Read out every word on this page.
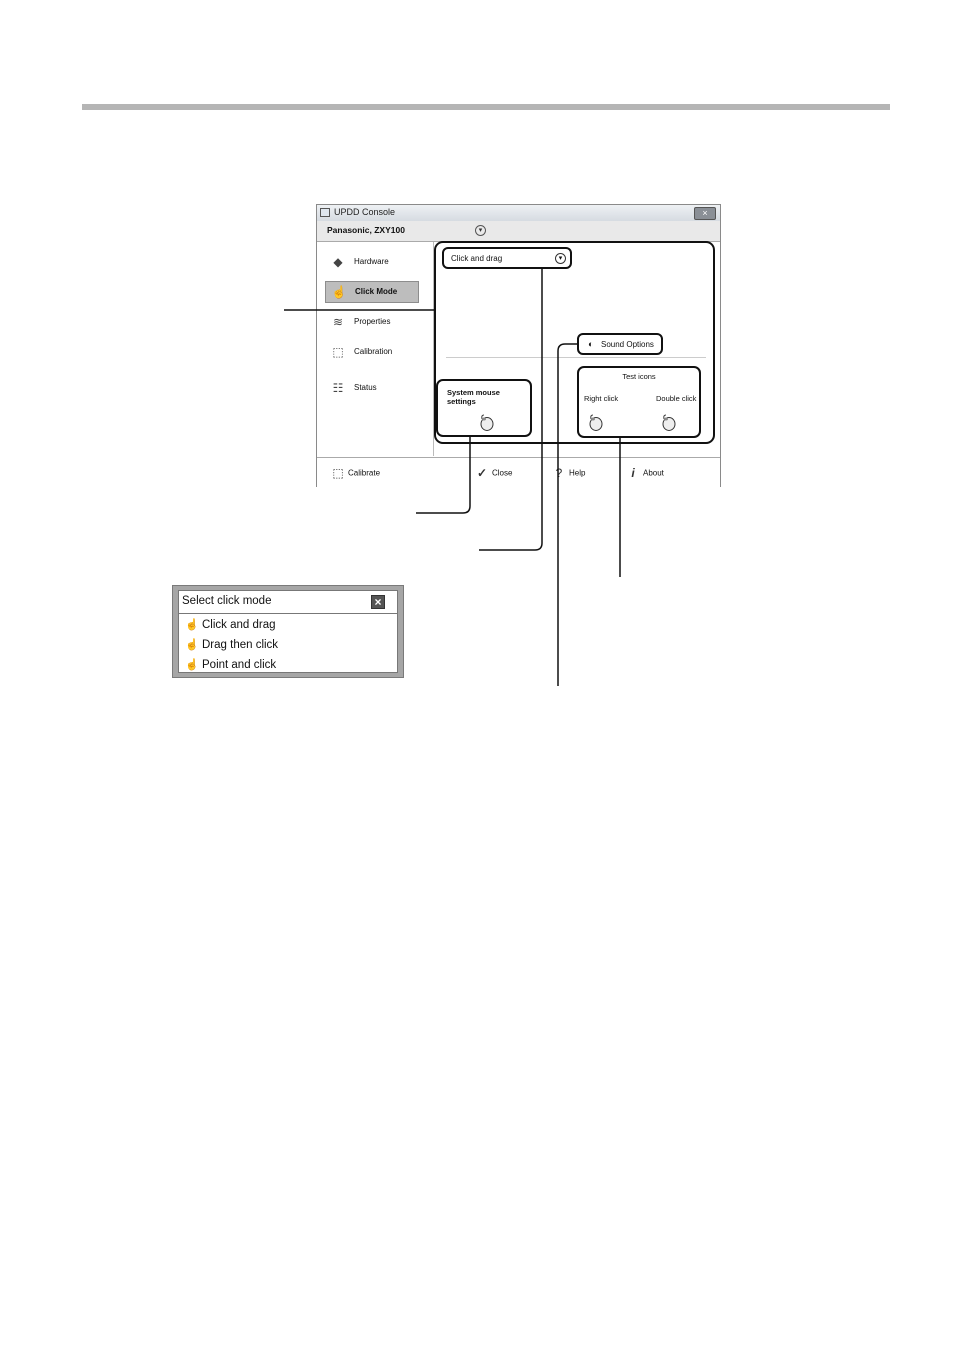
UPDD Console	×
Panasonic, ZXY100	▾
◆	Hardware
☝ Click Mode
≋	Properties
⬚	Calibration
☷	Status
⬚ Calibrate	✓ Close	? Help	i About
Click and drag	▾
◐ Sound Options
System mouse settings
Test icons
Right click	Double click
Select click mode	×
☝ Click and drag
☝ Drag then click
☝ Point and click
